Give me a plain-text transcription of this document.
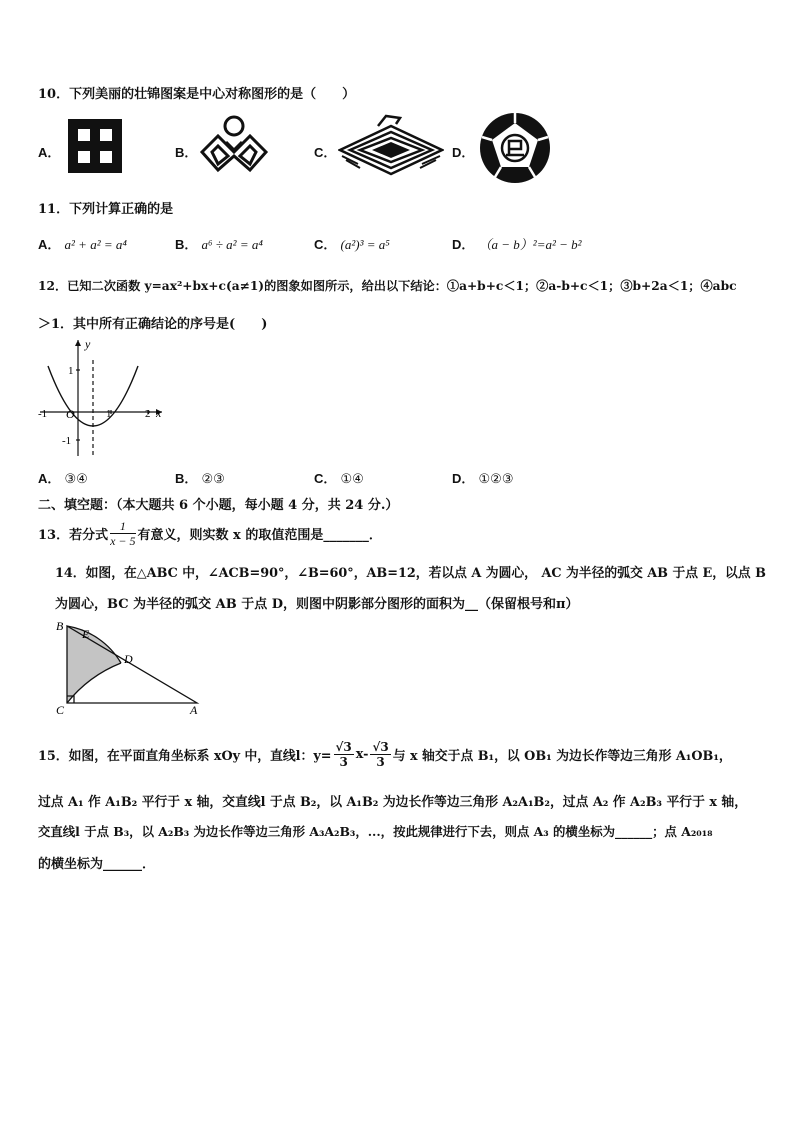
10．下列美丽的壮锦图案是中心对称图形的是（　　）
A．	B．	C．	D．
11．下列计算正确的是
A． a² + a² = a⁴	B． a⁶ ÷ a² = a⁴	C． (a²)³ = a⁵	D． （a − b）²=a² − b²
12．已知二次函数 y=ax²+bx+c(a≠1)的图象如图所示，给出以下结论：①a+b+c＜1；②a-b+c＜1；③b+2a＜1；④abc
＞1．其中所有正确结论的序号是(　　)
y
x
O
-1	1	2
1
-1
A． ③④	B． ②③	C． ①④	D． ①②③
二、填空题：（本大题共 6 个小题，每小题 4 分，共 24 分.）
13．若分式 $\frac{1}{x - 5}$ 有意义，则实数 x 的取值范围是_______．
14．如图，在△ABC 中，∠ACB=90°，∠B=60°，AB=12，若以点 A 为圆心， AC 为半径的弧交 AB 于点 E，以点 B
为圆心，BC 为半径的弧交 AB 于点 D，则图中阴影部分图形的面积为__（保留根号和π）
B
E
D
C	A
15．如图，在平面直角坐标系 xOy 中，直线l：$y= \frac{√3}{3} x- \frac{√3}{3}$ 与 x 轴交于点 B₁，以 OB₁ 为边长作等边三角形 A₁OB₁，
过点 A₁ 作 A₁B₂ 平行于 x 轴，交直线l 于点 B₂，以 A₁B₂ 为边长作等边三角形 A₂A₁B₂，过点 A₂ 作 A₂B₃ 平行于 x 轴，
交直线l 于点 B₃，以 A₂B₃ 为边长作等边三角形 A₃A₂B₃，...，按此规律进行下去，则点 A₃ 的横坐标为______；点 A₂₀₁₈
的横坐标为______．
